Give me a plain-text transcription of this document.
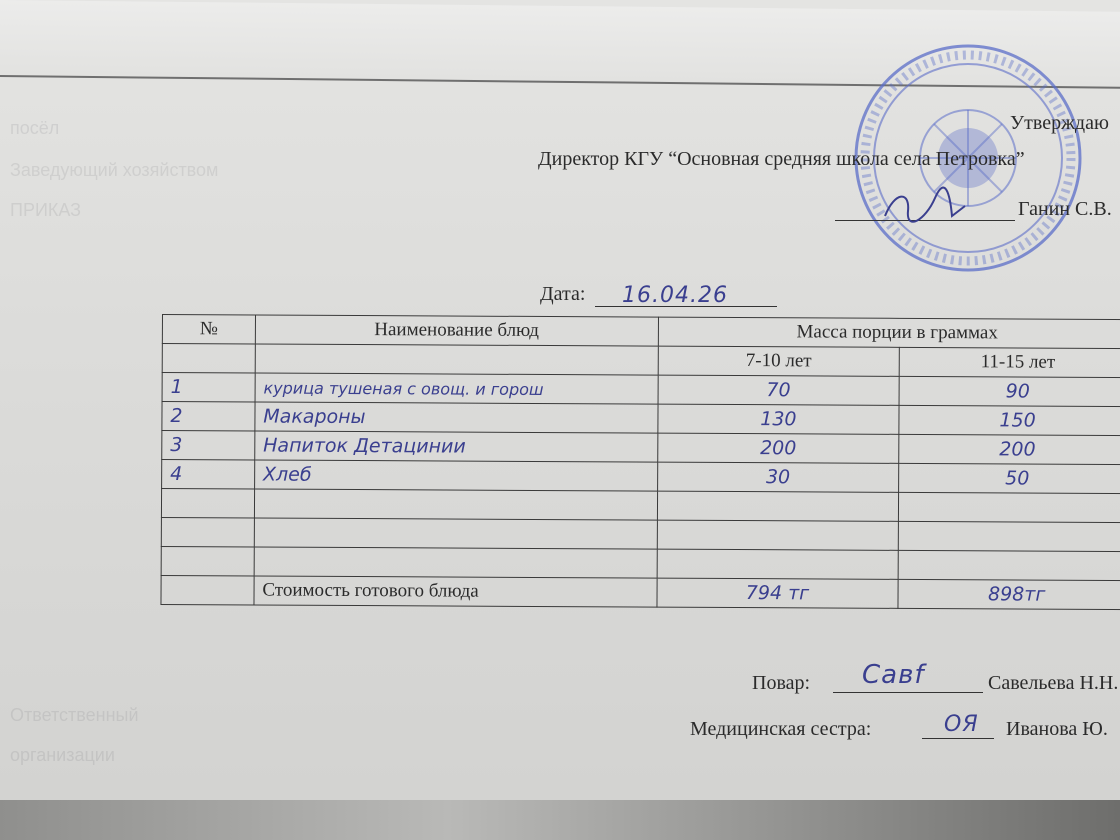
посёл
Заведующий хозяйством
ПРИКАЗ
Ответственный
организации
Утверждаю
Директор КГУ “Основная средняя школа села Петровка”
Ганин С.В.
Дата: 16.04.26
№	Наименование блюд	Масса порции в граммах	
		7-10 лет	11-15 лет
1	курица тушеная с овощ. и горош	70	90
2	Макароны	130	150
3	Напиток Детацинии	200	200
4	Хлеб	30	50

	Стоимость готового блюда	794 тг	898тг
Повар: Савf	Савельева Н.Н.
Медицинская сестра:	ОЯ Иванова Ю.
